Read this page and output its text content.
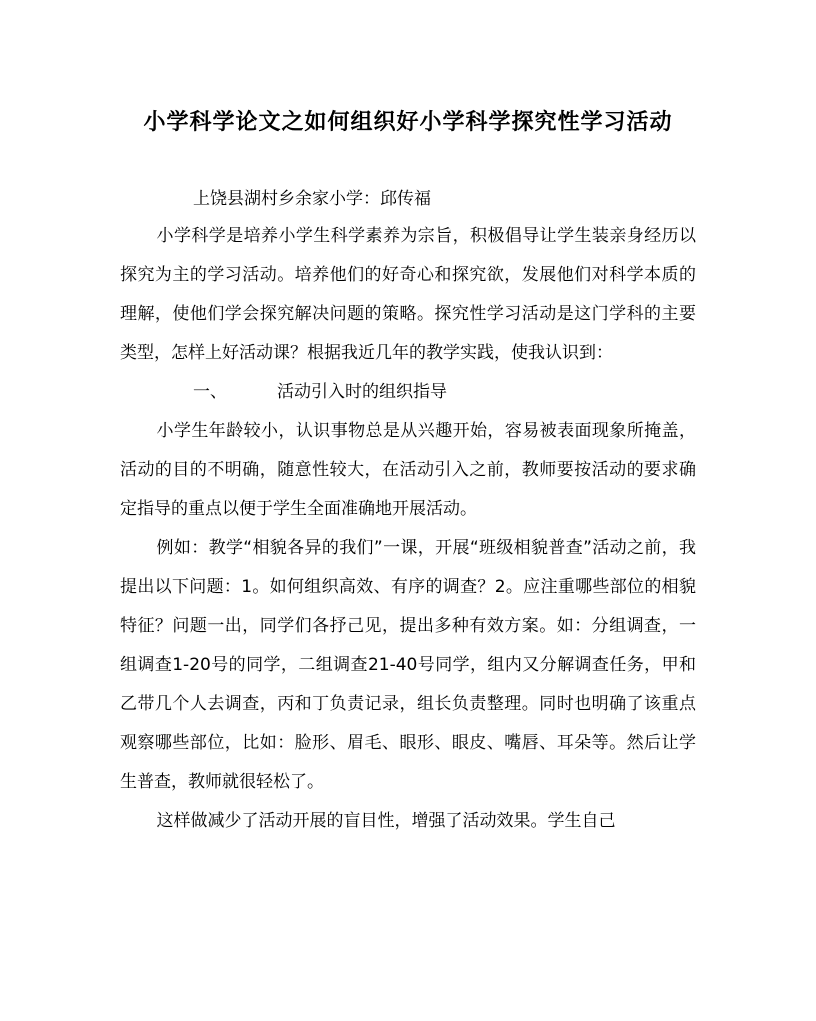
小学科学论文之如何组织好小学科学探究性学习活动
上饶县湖村乡余家小学：邱传福

小学科学是培养小学生科学素养为宗旨，积极倡导让学生装亲身经历以探究为主的学习活动。培养他们的好奇心和探究欲，发展他们对科学本质的理解，使他们学会探究解决问题的策略。探究性学习活动是这门学科的主要类型，怎样上好活动课？根据我近几年的教学实践，使我认识到：

一、	活动引入时的组织指导

小学生年龄较小，认识事物总是从兴趣开始，容易被表面现象所掩盖，活动的目的不明确，随意性较大，在活动引入之前，教师要按活动的要求确定指导的重点以便于学生全面准确地开展活动。

例如：教学“相貌各异的我们”一课，开展“班级相貌普查”活动之前，我提出以下问题：1。如何组织高效、有序的调查？2。应注重哪些部位的相貌特征？问题一出，同学们各抒己见，提出多种有效方案。如：分组调查，一组调查1-20号的同学，二组调查21-40号同学，组内又分解调查任务，甲和乙带几个人去调查，丙和丁负责记录，组长负责整理。同时也明确了该重点观察哪些部位，比如：脸形、眉毛、眼形、眼皮、嘴唇、耳朵等。然后让学生普查，教师就很轻松了。

这样做减少了活动开展的盲目性，增强了活动效果。学生自己
